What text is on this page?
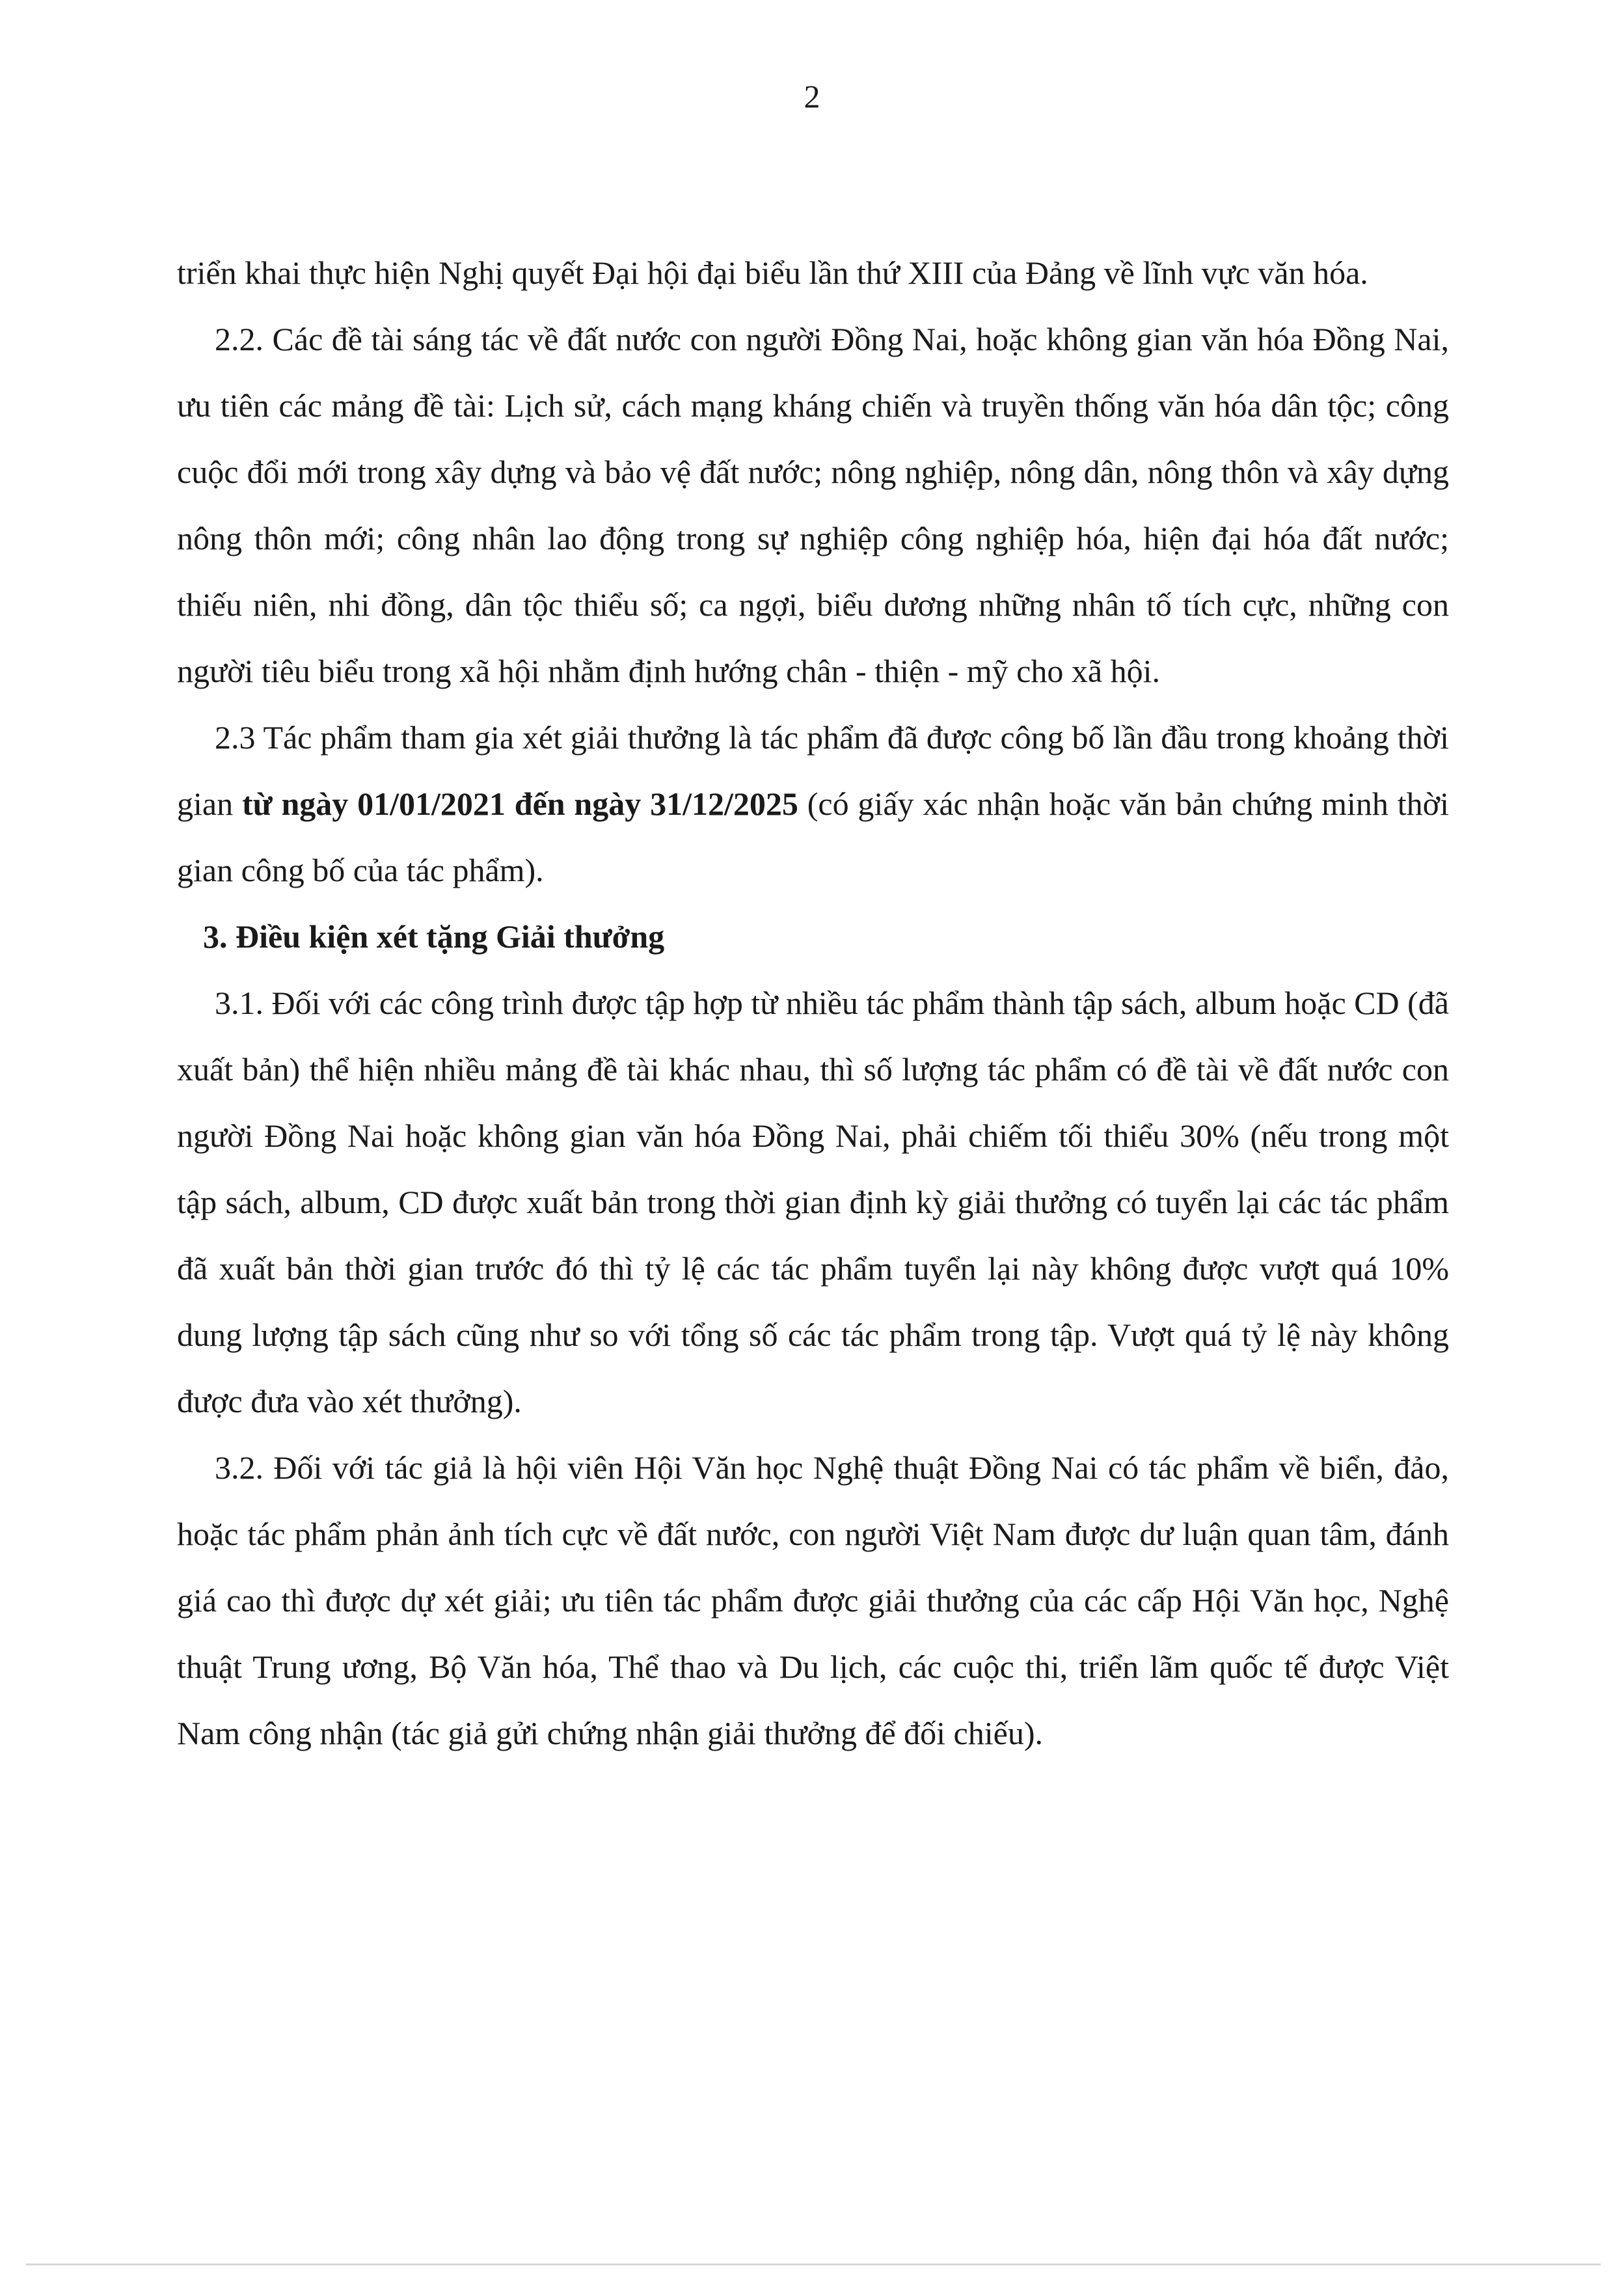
2

triển khai thực hiện Nghị quyết Đại hội đại biểu lần thứ XIII của Đảng về lĩnh vực văn hóa.

2.2. Các đề tài sáng tác về đất nước con người Đồng Nai, hoặc không gian văn hóa Đồng Nai, ưu tiên các mảng đề tài: Lịch sử, cách mạng kháng chiến và truyền thống văn hóa dân tộc; công cuộc đổi mới trong xây dựng và bảo vệ đất nước; nông nghiệp, nông dân, nông thôn và xây dựng nông thôn mới; công nhân lao động trong sự nghiệp công nghiệp hóa, hiện đại hóa đất nước; thiếu niên, nhi đồng, dân tộc thiểu số; ca ngợi, biểu dương những nhân tố tích cực, những con người tiêu biểu trong xã hội nhằm định hướng chân - thiện - mỹ cho xã hội.

2.3 Tác phẩm tham gia xét giải thưởng là tác phẩm đã được công bố lần đầu trong khoảng thời gian từ ngày 01/01/2021 đến ngày 31/12/2025 (có giấy xác nhận hoặc văn bản chứng minh thời gian công bố của tác phẩm).

3. Điều kiện xét tặng Giải thưởng

3.1. Đối với các công trình được tập hợp từ nhiều tác phẩm thành tập sách, album hoặc CD (đã xuất bản) thể hiện nhiều mảng đề tài khác nhau, thì số lượng tác phẩm có đề tài về đất nước con người Đồng Nai hoặc không gian văn hóa Đồng Nai, phải chiếm tối thiểu 30% (nếu trong một tập sách, album, CD được xuất bản trong thời gian định kỳ giải thưởng có tuyển lại các tác phẩm đã xuất bản thời gian trước đó thì tỷ lệ các tác phẩm tuyển lại này không được vượt quá 10% dung lượng tập sách cũng như so với tổng số các tác phẩm trong tập. Vượt quá tỷ lệ này không được đưa vào xét thưởng).

3.2. Đối với tác giả là hội viên Hội Văn học Nghệ thuật Đồng Nai có tác phẩm về biển, đảo, hoặc tác phẩm phản ảnh tích cực về đất nước, con người Việt Nam được dư luận quan tâm, đánh giá cao thì được dự xét giải; ưu tiên tác phẩm được giải thưởng của các cấp Hội Văn học, Nghệ thuật Trung ương, Bộ Văn hóa, Thể thao và Du lịch, các cuộc thi, triển lãm quốc tế được Việt Nam công nhận (tác giả gửi chứng nhận giải thưởng để đối chiếu).
